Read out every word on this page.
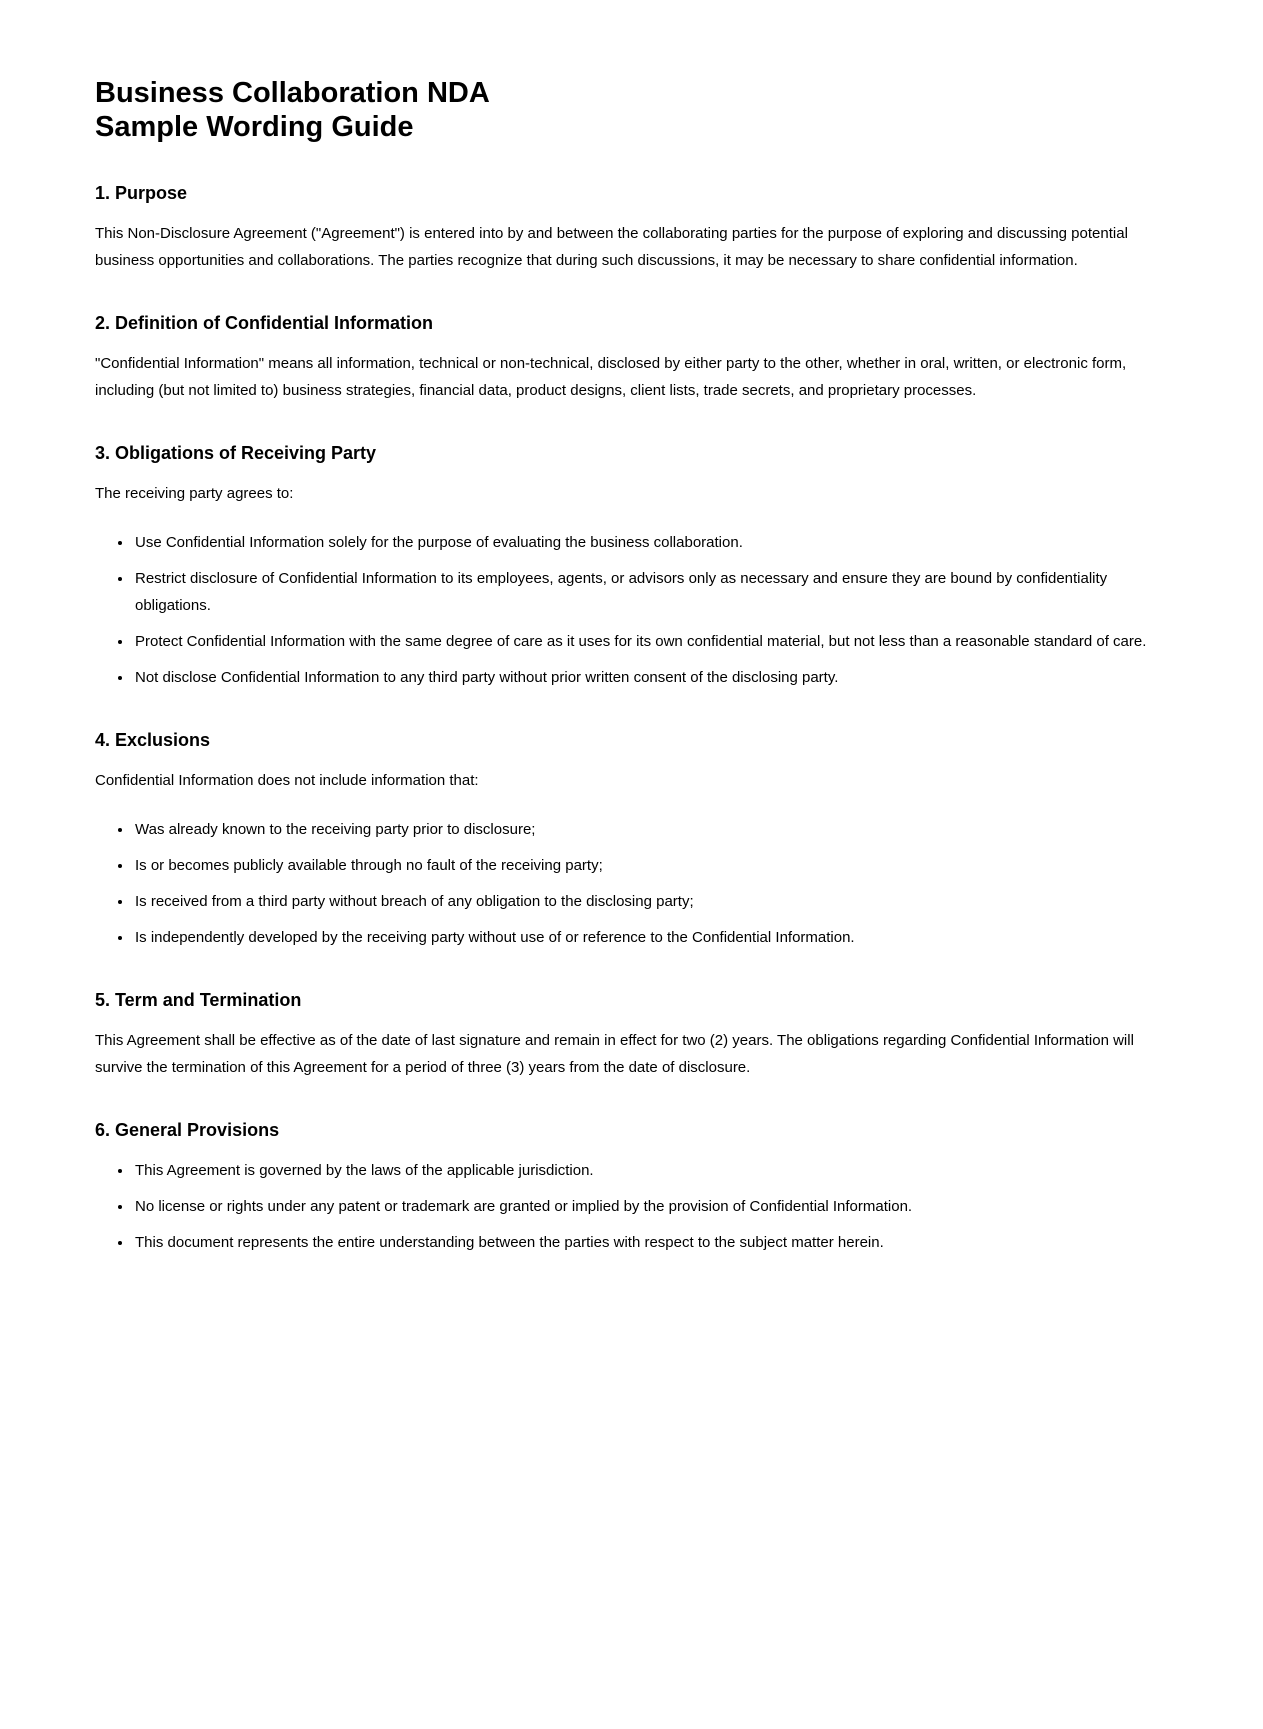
Business Collaboration NDA
Sample Wording Guide
1. Purpose

This Non-Disclosure Agreement ("Agreement") is entered into by and between the collaborating parties for the purpose of exploring and discussing potential business opportunities and collaborations. The parties recognize that during such discussions, it may be necessary to share confidential information.

2. Definition of Confidential Information

"Confidential Information" means all information, technical or non-technical, disclosed by either party to the other, whether in oral, written, or electronic form, including (but not limited to) business strategies, financial data, product designs, client lists, trade secrets, and proprietary processes.

3. Obligations of Receiving Party

The receiving party agrees to:

• Use Confidential Information solely for the purpose of evaluating the business collaboration.
• Restrict disclosure of Confidential Information to its employees, agents, or advisors only as necessary and ensure they are bound by confidentiality obligations.
• Protect Confidential Information with the same degree of care as it uses for its own confidential material, but not less than a reasonable standard of care.
• Not disclose Confidential Information to any third party without prior written consent of the disclosing party.
4. Exclusions

Confidential Information does not include information that:

• Was already known to the receiving party prior to disclosure;
• Is or becomes publicly available through no fault of the receiving party;
• Is received from a third party without breach of any obligation to the disclosing party;
• Is independently developed by the receiving party without use of or reference to the Confidential Information.
5. Term and Termination

This Agreement shall be effective as of the date of last signature and remain in effect for two (2) years. The obligations regarding Confidential Information will survive the termination of this Agreement for a period of three (3) years from the date of disclosure.

6. General Provisions
• This Agreement is governed by the laws of the applicable jurisdiction.
• No license or rights under any patent or trademark are granted or implied by the provision of Confidential Information.
• This document represents the entire understanding between the parties with respect to the subject matter herein.
